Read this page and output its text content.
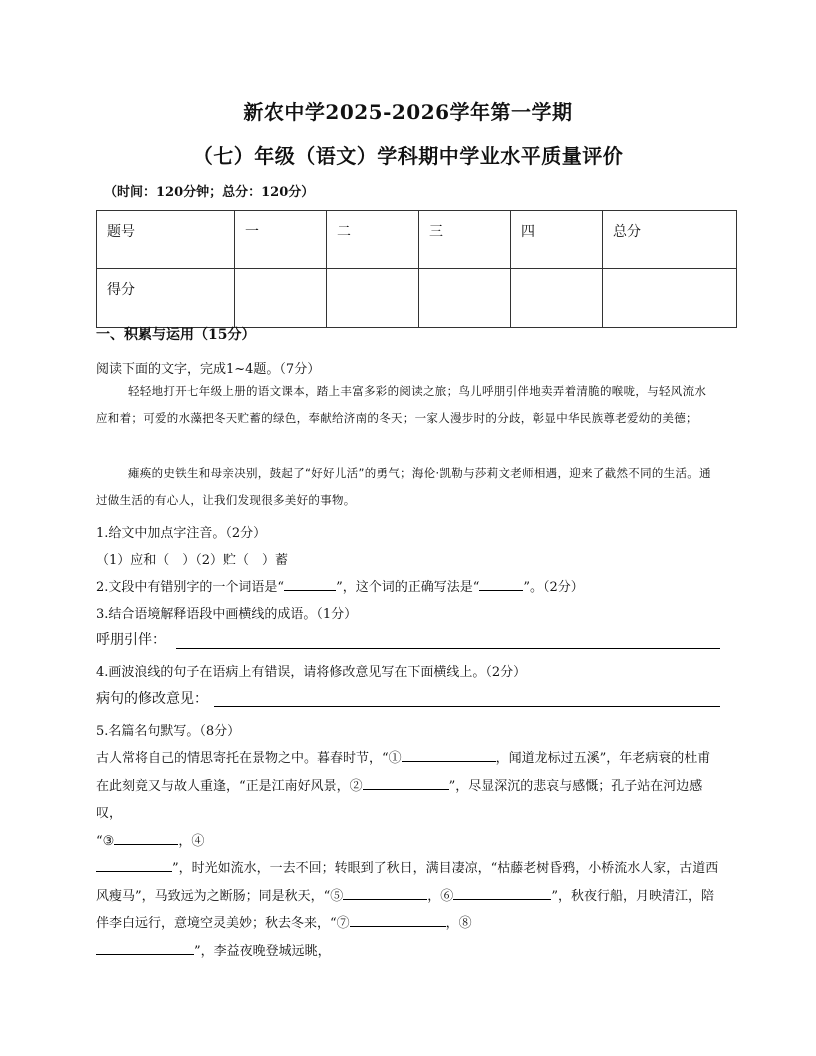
新农中学2025-2026学年第一学期
（七）年级（语文）学科期中学业水平质量评价
（时间：120分钟；总分：120分）
题号	一	二	三	四	总分
得分					
一、积累与运用（15分）
阅读下面的文字，完成1~4题。（7分）
轻轻地打开七年级上册的语文课本，踏上丰富多彩的阅读之旅；鸟儿呼朋引伴地卖弄着清脆的喉咙，与轻风流水应和着；可爱的水藻把冬天贮蓄的绿色，奉献给济南的冬天；一家人漫步时的分歧，彰显中华民族尊老爱幼的美德；
瘫痪的史铁生和母亲决别，鼓起了“好好儿活”的勇气；海伦·凯勒与莎莉文老师相遇，迎来了截然不同的生活。通过做生活的有心人，让我们发现很多美好的事物。
1.给文中加点字注音。（2分）
（1）应和（　）（2）贮（　）蓄
2.文段中有错别字的一个词语是“	”，这个词的正确写法是“	”。（2分）
3.结合语境解释语段中画横线的成语。（1分）
呼朋引伴：
4.画波浪线的句子在语病上有错误，请将修改意见写在下面横线上。（2分）
病句的修改意见：
5.名篇名句默写。（8分）
古人常将自己的情思寄托在景物之中。暮春时节，“①	，闻道龙标过五溪”，年老病衰的杜甫在此刻竟又与故人重逢，“正是江南好风景，②	”，尽显深沉的悲哀与感慨；孔子站在河边感叹，
“③	，④
”，时光如流水，一去不回；转眼到了秋日，满目凄凉，“枯藤老树昏鸦，小桥流水人家，古道西风瘦马”，马致远为之断肠；同是秋天，“⑤	，⑥	”，秋夜行船，月映清江，陪伴李白远行，意境空灵美妙；秋去冬来，“⑦	，⑧
”，李益夜晚登城远眺，
